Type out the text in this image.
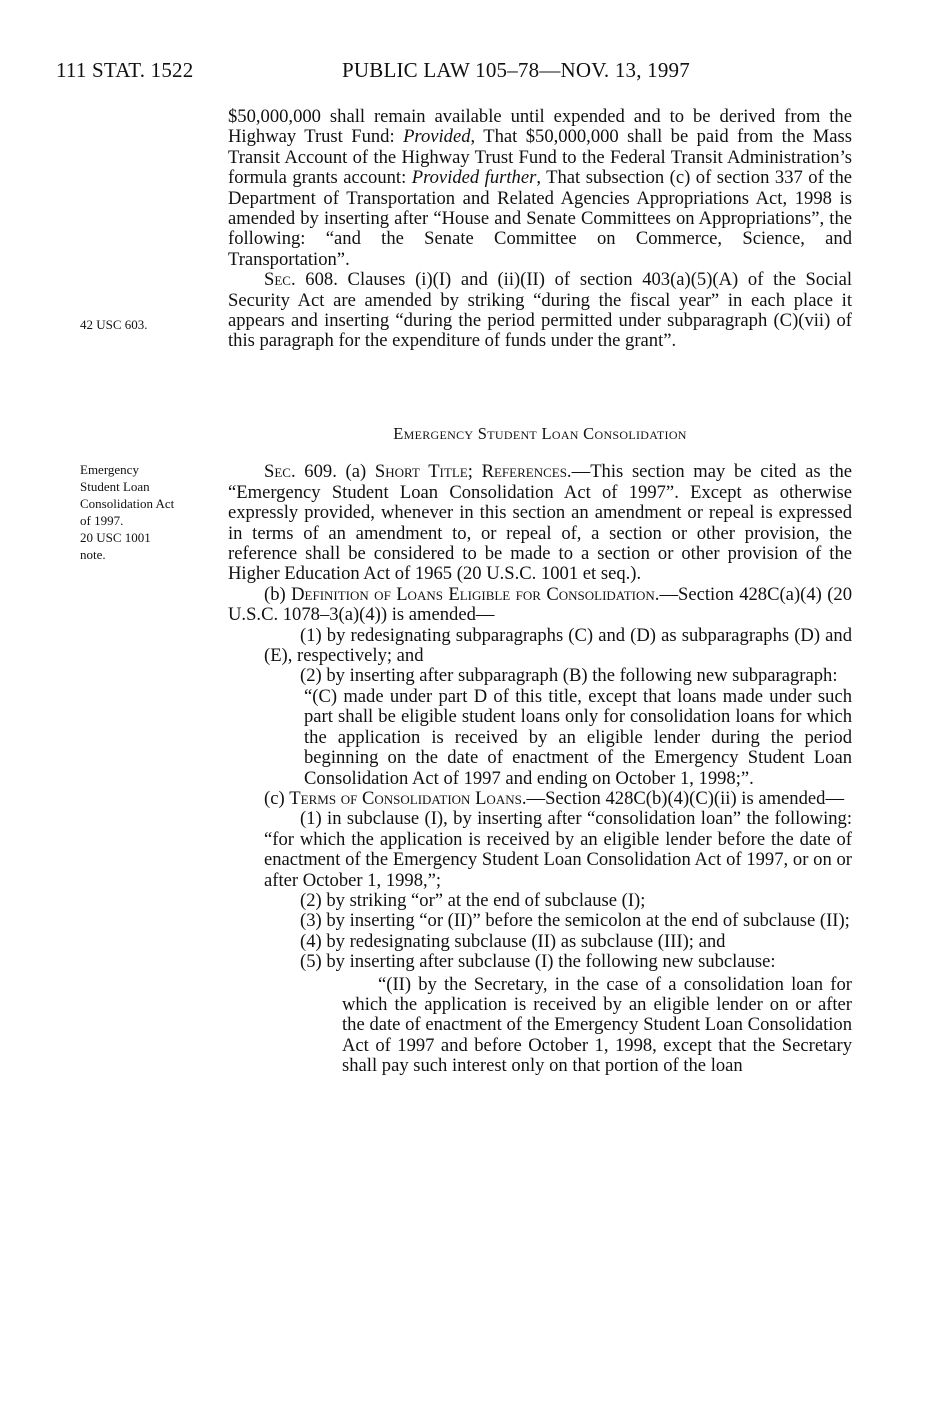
111 STAT. 1522	PUBLIC LAW 105–78—NOV. 13, 1997
42 USC 603.
Emergency
Student Loan
Consolidation Act
of 1997.
20 USC 1001
note.

$50,000,000 shall remain available until expended and to be derived from the Highway Trust Fund: Provided, That $50,000,000 shall be paid from the Mass Transit Account of the Highway Trust Fund to the Federal Transit Administration’s formula grants account: Provided further, That subsection (c) of section 337 of the Department of Transportation and Related Agencies Appropriations Act, 1998 is amended by inserting after “House and Senate Committees on Appropriations”, the following: “and the Senate Committee on Commerce, Science, and Transportation”.

Sec. 608. Clauses (i)(I) and (ii)(II) of section 403(a)(5)(A) of the Social Security Act are amended by striking “during the fiscal year” in each place it appears and inserting “during the period permitted under subparagraph (C)(vii) of this paragraph for the expenditure of funds under the grant”.

Emergency Student Loan Consolidation

Sec. 609. (a) Short Title; References.—This section may be cited as the “Emergency Student Loan Consolidation Act of 1997”. Except as otherwise expressly provided, whenever in this section an amendment or repeal is expressed in terms of an amendment to, or repeal of, a section or other provision, the reference shall be considered to be made to a section or other provision of the Higher Education Act of 1965 (20 U.S.C. 1001 et seq.).

(b) Definition of Loans Eligible for Consolidation.—Section 428C(a)(4) (20 U.S.C. 1078–3(a)(4)) is amended—

(1) by redesignating subparagraphs (C) and (D) as subparagraphs (D) and (E), respectively; and

(2) by inserting after subparagraph (B) the following new subparagraph:

“(C) made under part D of this title, except that loans made under such part shall be eligible student loans only for consolidation loans for which the application is received by an eligible lender during the period beginning on the date of enactment of the Emergency Student Loan Consolidation Act of 1997 and ending on October 1, 1998;”.

(c) Terms of Consolidation Loans.—Section 428C(b)(4)(C)(ii) is amended—

(1) in subclause (I), by inserting after “consolidation loan” the following: “for which the application is received by an eligible lender before the date of enactment of the Emergency Student Loan Consolidation Act of 1997, or on or after October 1, 1998,”;

(2) by striking “or” at the end of subclause (I);

(3) by inserting “or (II)” before the semicolon at the end of subclause (II);

(4) by redesignating subclause (II) as subclause (III); and

(5) by inserting after subclause (I) the following new subclause:

“(II) by the Secretary, in the case of a consolidation loan for which the application is received by an eligible lender on or after the date of enactment of the Emergency Student Loan Consolidation Act of 1997 and before October 1, 1998, except that the Secretary shall pay such interest only on that portion of the loan
